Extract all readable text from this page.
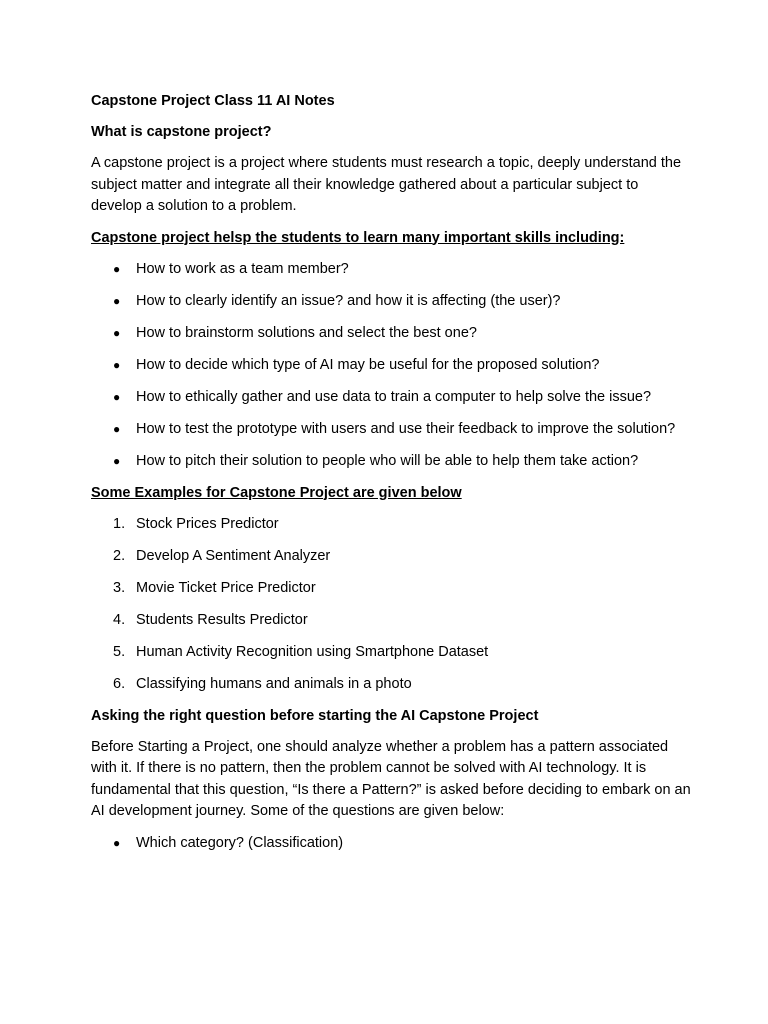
Capstone Project Class 11 AI Notes
What is capstone project?
A capstone project is a project where students must research a topic, deeply understand the subject matter and integrate all their knowledge gathered about a particular subject to develop a solution to a problem.
Capstone project helsp the students to learn many important skills including:
● How to work as a team member?
● How to clearly identify an issue? and how it is affecting (the user)?
● How to brainstorm solutions and select the best one?
● How to decide which type of AI may be useful for the proposed solution?
● How to ethically gather and use data to train a computer to help solve the issue?
● How to test the prototype with users and use their feedback to improve the solution?
● How to pitch their solution to people who will be able to help them take action?
Some Examples for Capstone Project are given below
1. Stock Prices Predictor
2. Develop A Sentiment Analyzer
3. Movie Ticket Price Predictor
4. Students Results Predictor
5. Human Activity Recognition using Smartphone Dataset
6. Classifying humans and animals in a photo
Asking the right question before starting the AI Capstone Project
Before Starting a Project, one should analyze whether a problem has a pattern associated with it. If there is no pattern, then the problem cannot be solved with AI technology. It is fundamental that this question, “Is there a Pattern?” is asked before deciding to embark on an AI development journey. Some of the questions are given below:
● Which category? (Classification)
